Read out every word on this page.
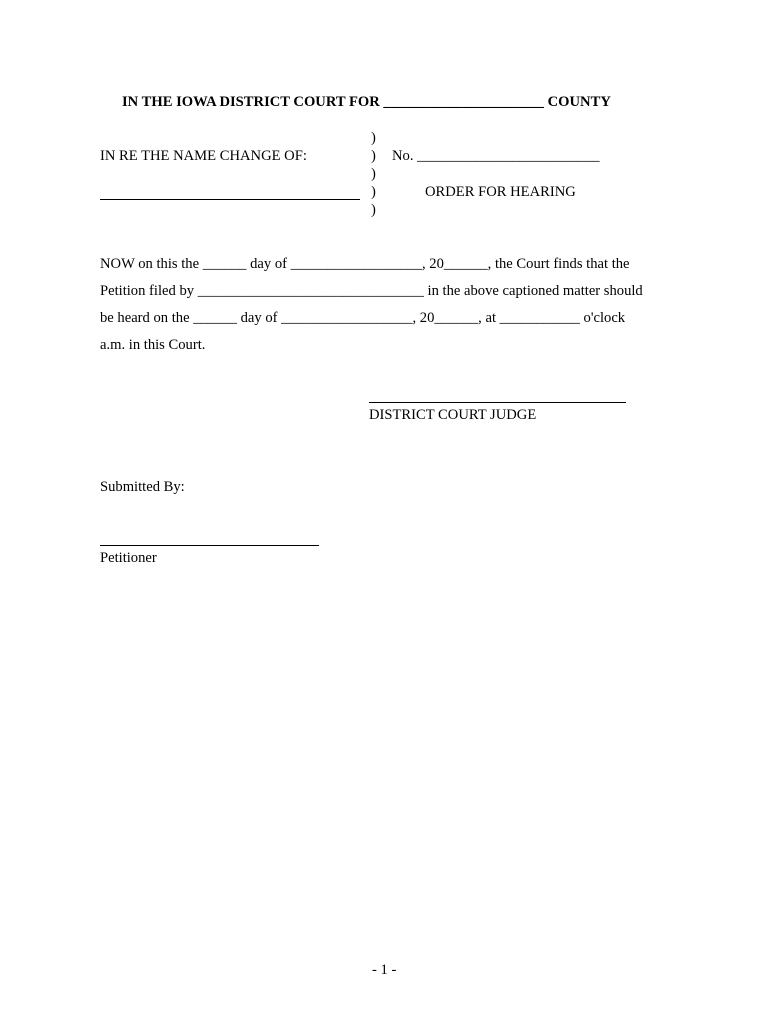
IN THE IOWA DISTRICT COURT FOR ______________________ COUNTY
IN RE THE NAME CHANGE OF:
)
)
)
)
)
No. _________________________
ORDER FOR HEARING
NOW on this the ______ day of __________________, 20______, the Court finds that the
Petition filed by _______________________________ in the above captioned matter should
be heard on the ______ day of __________________, 20______, at ___________ o'clock
a.m. in this Court.
DISTRICT COURT JUDGE
Submitted By:
Petitioner
- 1 -
